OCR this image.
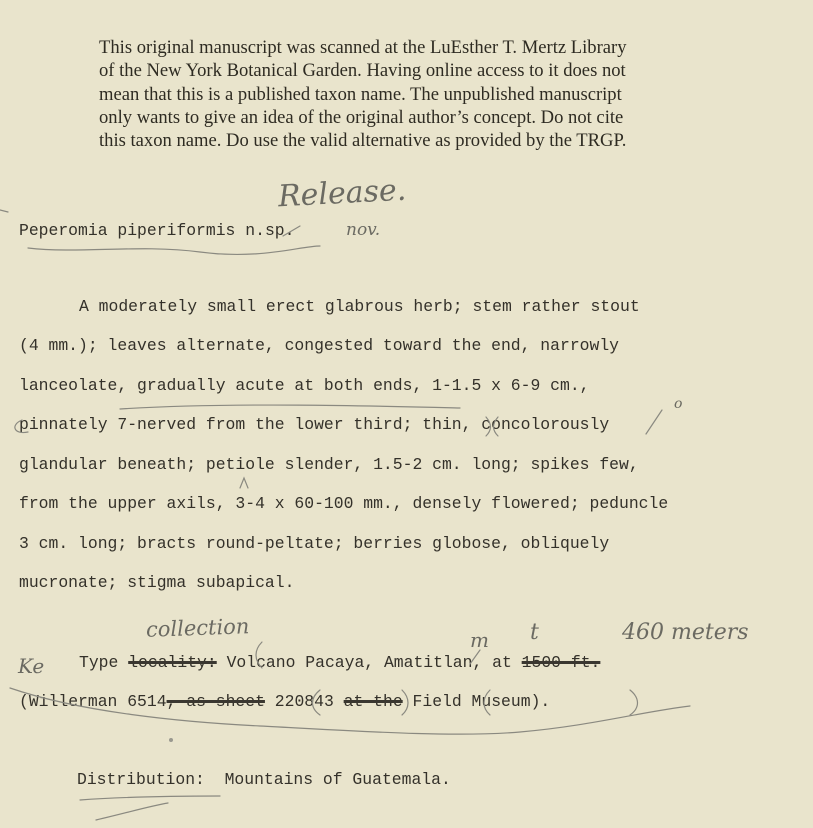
This original manuscript was scanned at the LuEsther T. Mertz Library
of the New York Botanical Garden. Having online access to it does not
mean that this is a published taxon name. The unpublished manuscript
only wants to give an idea of the original author’s concept. Do not cite
this taxon name. Do use the valid alternative as provided by the TRGP.
Peperomia piperiformis n.sp.
A moderately small erect glabrous herb; stem rather stout
(4 mm.); leaves alternate, congested toward the end, narrowly
lanceolate, gradually acute at both ends, 1-1.5 x 6-9 cm.,
pinnately 7-nerved from the lower third; thin, concolorously
glandular beneath; petiole slender, 1.5-2 cm. long; spikes few,
from the upper axils, 3-4 x 60-100 mm., densely flowered; peduncle
3 cm. long; bracts round-peltate; berries globose, obliquely
mucronate; stigma subapical.
Type locality: Volcano Pacaya, Amatitlan, at 1500 ft.
(Willerman 6514, as sheet 220843 at the Field Museum).
Distribution: Mountains of Guatemala.
Release.
nov.
collection	460 meters
Ke
m t
o
